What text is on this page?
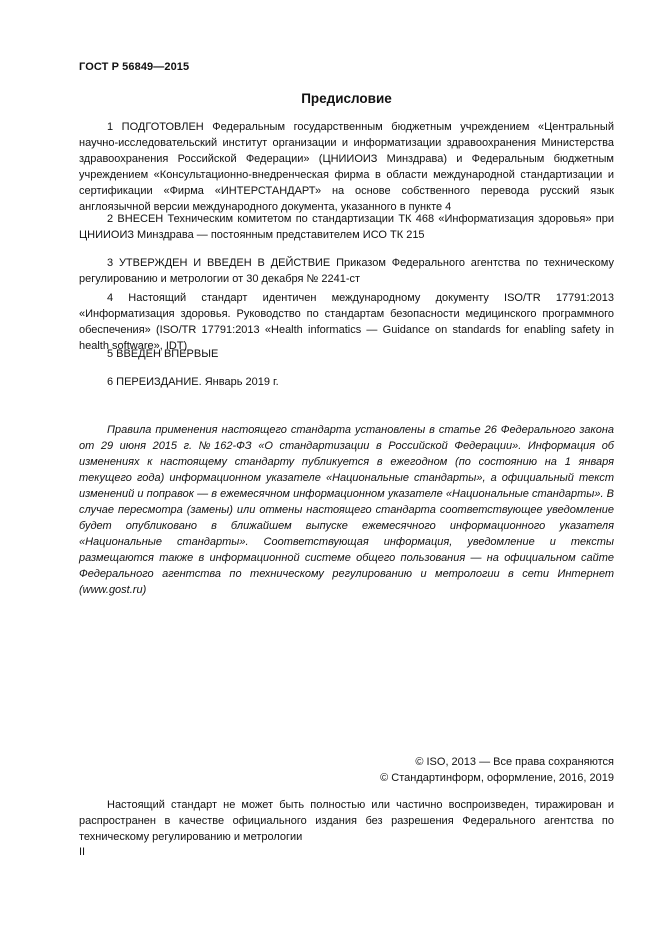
ГОСТ Р 56849—2015
Предисловие

1 ПОДГОТОВЛЕН Федеральным государственным бюджетным учреждением «Центральный научно-исследовательский институт организации и информатизации здравоохранения Министерства здравоохранения Российской Федерации» (ЦНИИОИЗ Минздрава) и Федеральным бюджетным учреждением «Консультационно-внедренческая фирма в области международной стандартизации и сертификации «Фирма «ИНТЕРСТАНДАРТ» на основе собственного перевода русский язык англоязычной версии международного документа, указанного в пункте 4

2 ВНЕСЕН Техническим комитетом по стандартизации ТК 468 «Информатизация здоровья» при ЦНИИОИЗ Минздрава — постоянным представителем ИСО ТК 215

3 УТВЕРЖДЕН И ВВЕДЕН В ДЕЙСТВИЕ Приказом Федерального агентства по техническому регулированию и метрологии от 30 декабря № 2241-ст

4 Настоящий стандарт идентичен международному документу ISO/TR 17791:2013 «Информатизация здоровья. Руководство по стандартам безопасности медицинского программного обеспечения» (ISO/TR 17791:2013 «Health informatics — Guidance on standards for enabling safety in health software», IDT)

5 ВВЕДЕН ВПЕРВЫЕ

6 ПЕРЕИЗДАНИЕ. Январь 2019 г.

Правила применения настоящего стандарта установлены в статье 26 Федерального закона от 29 июня 2015 г. №162-ФЗ «О стандартизации в Российской Федерации». Информация об изменениях к настоящему стандарту публикуется в ежегодном (по состоянию на 1 января текущего года) информационном указателе «Национальные стандарты», а официальный текст изменений и поправок — в ежемесячном информационном указателе «Национальные стандарты». В случае пересмотра (замены) или отмены настоящего стандарта соответствующее уведомление будет опубликовано в ближайшем выпуске ежемесячного информационного указателя «Национальные стандарты». Соответствующая информация, уведомление и тексты размещаются также в информационной системе общего пользования — на официальном сайте Федерального агентства по техническому регулированию и метрологии в сети Интернет (www.gost.ru)

© ISO, 2013 — Все права сохраняются
© Стандартинформ, оформление, 2016, 2019

Настоящий стандарт не может быть полностью или частично воспроизведен, тиражирован и распространен в качестве официального издания без разрешения Федерального агентства по техническому регулированию и метрологии

II
